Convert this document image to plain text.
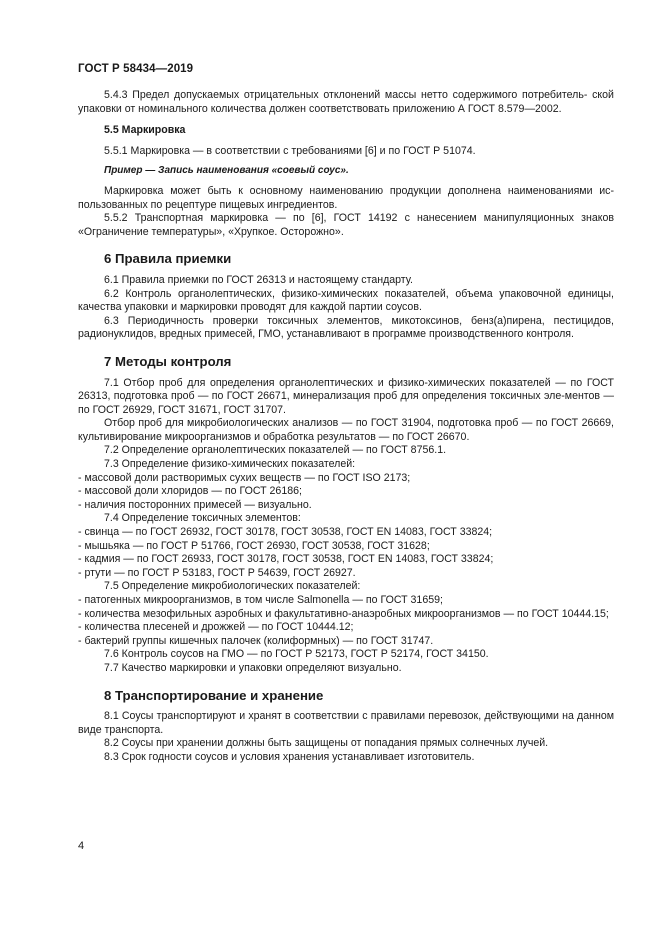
ГОСТ Р 58434—2019

5.4.3 Предел допускаемых отрицательных отклонений массы нетто содержимого потребитель- ской упаковки от номинального количества должен соответствовать приложению А ГОСТ 8.579—2002.

5.5 Маркировка

5.5.1 Маркировка — в соответствии с требованиями [6] и по ГОСТ Р 51074.

Пример — Запись наименования «соевый соус».

Маркировка может быть к основному наименованию продукции дополнена наименованиями ис-пользованных по рецептуре пищевых ингредиентов.

5.5.2 Транспортная маркировка — по [6], ГОСТ 14192 с нанесением манипуляционных знаков «Ограничение температуры», «Хрупкое. Осторожно».

6 Правила приемки

6.1 Правила приемки по ГОСТ 26313 и настоящему стандарту.

6.2 Контроль органолептических, физико-химических показателей, объема упаковочной единицы, качества упаковки и маркировки проводят для каждой партии соусов.

6.3 Периодичность проверки токсичных элементов, микотоксинов, бенз(а)пирена, пестицидов, радионуклидов, вредных примесей, ГМО, устанавливают в программе производственного контроля.

7 Методы контроля

7.1 Отбор проб для определения органолептических и физико-химических показателей — по ГОСТ 26313, подготовка проб — по ГОСТ 26671, минерализация проб для определения токсичных эле-ментов — по ГОСТ 26929, ГОСТ 31671, ГОСТ 31707.

Отбор проб для микробиологических анализов — по ГОСТ 31904, подготовка проб — по ГОСТ 26669, культивирование микроорганизмов и обработка результатов — по ГОСТ 26670.

7.2 Определение органолептических показателей — по ГОСТ 8756.1.

7.3 Определение физико-химических показателей:

- массовой доли растворимых сухих веществ — по ГОСТ ISO 2173;

- массовой доли хлоридов — по ГОСТ 26186;

- наличия посторонних примесей — визуально.

7.4 Определение токсичных элементов:

- свинца — по ГОСТ 26932, ГОСТ 30178, ГОСТ 30538, ГОСТ EN 14083, ГОСТ 33824;

- мышьяка — по ГОСТ Р 51766, ГОСТ 26930, ГОСТ 30538, ГОСТ 31628;

- кадмия — по ГОСТ 26933, ГОСТ 30178, ГОСТ 30538, ГОСТ EN 14083, ГОСТ 33824;

- ртути — по ГОСТ Р 53183, ГОСТ Р 54639, ГОСТ 26927.

7.5 Определение микробиологических показателей:

- патогенных микроорганизмов, в том числе Salmonella — по ГОСТ 31659;

- количества мезофильных аэробных и факультативно-анаэробных микроорганизмов — по ГОСТ 10444.15;

- количества плесеней и дрожжей — по ГОСТ 10444.12;

- бактерий группы кишечных палочек (колиформных) — по ГОСТ 31747.

7.6 Контроль соусов на ГМО — по ГОСТ Р 52173, ГОСТ Р 52174, ГОСТ 34150.

7.7 Качество маркировки и упаковки определяют визуально.

8 Транспортирование и хранение

8.1 Соусы транспортируют и хранят в соответствии с правилами перевозок, действующими на данном виде транспорта.

8.2 Соусы при хранении должны быть защищены от попадания прямых солнечных лучей.

8.3 Срок годности соусов и условия хранения устанавливает изготовитель.

4
